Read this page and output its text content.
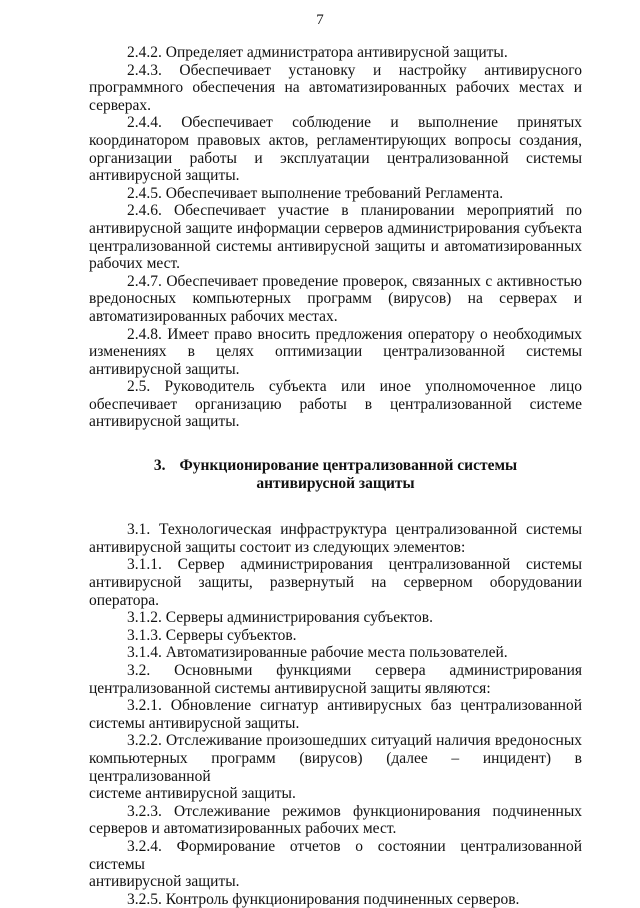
7

2.4.2. Определяет администратора антивирусной защиты.

2.4.3. Обеспечивает установку и настройку антивирусного
программного обеспечения на автоматизированных рабочих местах и
серверах.

2.4.4. Обеспечивает соблюдение и выполнение принятых
координатором правовых актов, регламентирующих вопросы создания,
организации работы и эксплуатации централизованной системы
антивирусной защиты.

2.4.5. Обеспечивает выполнение требований Регламента.

2.4.6. Обеспечивает участие в планировании мероприятий по
антивирусной защите информации серверов администрирования субъекта
централизованной системы антивирусной защиты и автоматизированных
рабочих мест.

2.4.7. Обеспечивает проведение проверок, связанных с активностью
вредоносных компьютерных программ (вирусов) на серверах и
автоматизированных рабочих местах.

2.4.8. Имеет право вносить предложения оператору о необходимых
изменениях в целях оптимизации централизованной системы
антивирусной защиты.

2.5. Руководитель субъекта или иное уполномоченное лицо
обеспечивает организацию работы в централизованной системе
антивирусной защиты.

3. Функционирование централизованной системы
антивирусной защиты

3.1. Технологическая инфраструктура централизованной системы
антивирусной защиты состоит из следующих элементов:

3.1.1. Сервер администрирования централизованной системы
антивирусной защиты, развернутый на серверном оборудовании
оператора.

3.1.2. Серверы администрирования субъектов.

3.1.3. Серверы субъектов.

3.1.4. Автоматизированные рабочие места пользователей.

3.2. Основными функциями сервера администрирования
централизованной системы антивирусной защиты являются:

3.2.1. Обновление сигнатур антивирусных баз централизованной
системы антивирусной защиты.

3.2.2. Отслеживание произошедших ситуаций наличия вредоносных
компьютерных программ (вирусов) (далее – инцидент) в централизованной
системе антивирусной защиты.

3.2.3. Отслеживание режимов функционирования подчиненных
серверов и автоматизированных рабочих мест.

3.2.4. Формирование отчетов о состоянии централизованной системы
антивирусной защиты.

3.2.5. Контроль функционирования подчиненных серверов.
